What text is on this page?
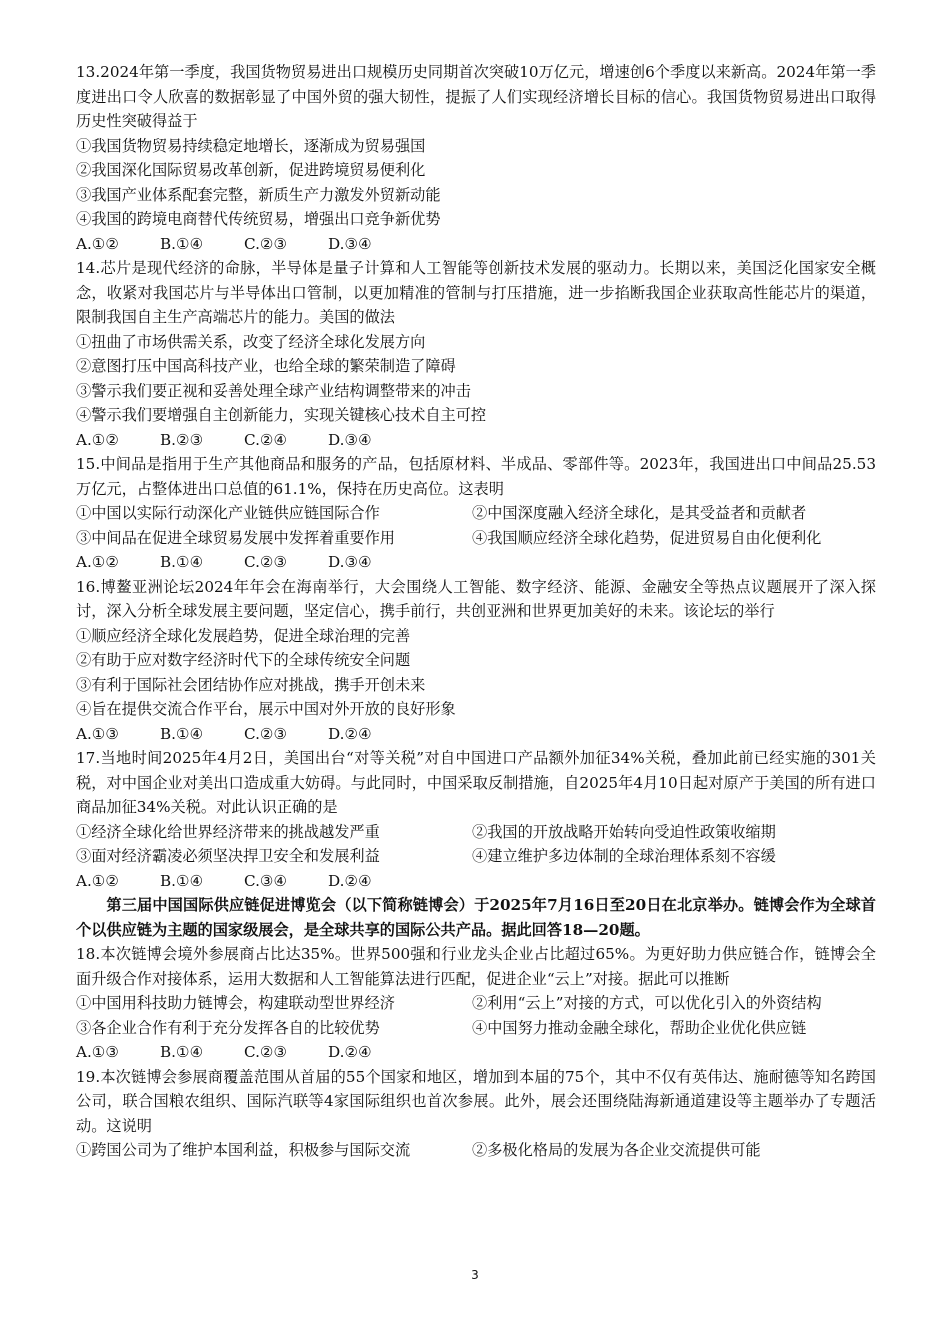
13.2024年第一季度，我国货物贸易进出口规模历史同期首次突破10万亿元，增速创6个季度以来新高。2024年第一季度进出口令人欣喜的数据彰显了中国外贸的强大韧性，提振了人们实现经济增长目标的信心。我国货物贸易进出口取得历史性突破得益于

①我国货物贸易持续稳定地增长，逐渐成为贸易强国

②我国深化国际贸易改革创新，促进跨境贸易便利化

③我国产业体系配套完整，新质生产力激发外贸新动能

④我国的跨境电商替代传统贸易，增强出口竞争新优势

A.①②	B.①④	C.②③	D.③④

14.芯片是现代经济的命脉，半导体是量子计算和人工智能等创新技术发展的驱动力。长期以来，美国泛化国家安全概念，收紧对我国芯片与半导体出口管制，以更加精准的管制与打压措施，进一步掐断我国企业获取高性能芯片的渠道，限制我国自主生产高端芯片的能力。美国的做法

①扭曲了市场供需关系，改变了经济全球化发展方向

②意图打压中国高科技产业，也给全球的繁荣制造了障碍

③警示我们要正视和妥善处理全球产业结构调整带来的冲击

④警示我们要增强自主创新能力，实现关键核心技术自主可控

A.①②	B.②③	C.②④	D.③④

15.中间品是指用于生产其他商品和服务的产品，包括原材料、半成品、零部件等。2023年，我国进出口中间品25.53万亿元，占整体进出口总值的61.1%，保持在历史高位。这表明

①中国以实际行动深化产业链供应链国际合作	②中国深度融入经济全球化，是其受益者和贡献者
③中间品在促进全球贸易发展中发挥着重要作用	④我国顺应经济全球化趋势，促进贸易自由化便利化
A.①②	B.①④	C.②③	D.③④

16.博鳌亚洲论坛2024年年会在海南举行，大会围绕人工智能、数字经济、能源、金融安全等热点议题展开了深入探讨，深入分析全球发展主要问题，坚定信心，携手前行，共创亚洲和世界更加美好的未来。该论坛的举行

①顺应经济全球化发展趋势，促进全球治理的完善

②有助于应对数字经济时代下的全球传统安全问题

③有利于国际社会团结协作应对挑战，携手开创未来

④旨在提供交流合作平台，展示中国对外开放的良好形象

A.①③	B.①④	C.②③	D.②④

17.当地时间2025年4月2日，美国出台“对等关税”对自中国进口产品额外加征34%关税，叠加此前已经实施的301关税，对中国企业对美出口造成重大妨碍。与此同时，中国采取反制措施，自2025年4月10日起对原产于美国的所有进口商品加征34%关税。对此认识正确的是

①经济全球化给世界经济带来的挑战越发严重	②我国的开放战略开始转向受迫性政策收缩期
③面对经济霸凌必须坚决捍卫安全和发展利益	④建立维护多边体制的全球治理体系刻不容缓
A.①②	B.①④	C.③④	D.②④

第三届中国国际供应链促进博览会（以下简称链博会）于2025年7月16日至20日在北京举办。链博会作为全球首个以供应链为主题的国家级展会，是全球共享的国际公共产品。据此回答18—20题。

18.本次链博会境外参展商占比达35%。世界500强和行业龙头企业占比超过65%。为更好助力供应链合作，链博会全面升级合作对接体系，运用大数据和人工智能算法进行匹配，促进企业“云上”对接。据此可以推断

①中国用科技助力链博会，构建联动型世界经济	②利用“云上”对接的方式，可以优化引入的外资结构
③各企业合作有利于充分发挥各自的比较优势	④中国努力推动金融全球化，帮助企业优化供应链
A.①③	B.①④	C.②③	D.②④

19.本次链博会参展商覆盖范围从首届的55个国家和地区，增加到本届的75个，其中不仅有英伟达、施耐德等知名跨国公司，联合国粮农组织、国际汽联等4家国际组织也首次参展。此外，展会还围绕陆海新通道建设等主题举办了专题活动。这说明

①跨国公司为了维护本国利益，积极参与国际交流	②多极化格局的发展为各企业交流提供可能
3
